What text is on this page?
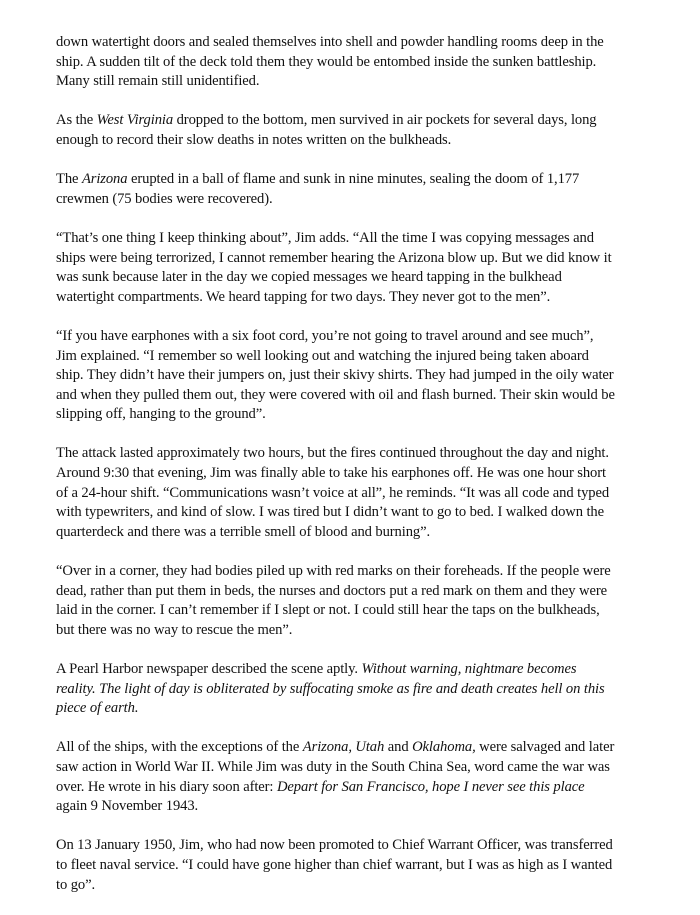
down watertight doors and sealed themselves into shell and powder handling rooms deep in the
ship. A sudden tilt of the deck told them they would be entombed inside the sunken battleship.
Many still remain still unidentified.

As the West Virginia dropped to the bottom, men survived in air pockets for several days, long
enough to record their slow deaths in notes written on the bulkheads.

The Arizona erupted in a ball of flame and sunk in nine minutes, sealing the doom of 1,177
crewmen (75 bodies were recovered).

“That’s one thing I keep thinking about”, Jim adds. “All the time I was copying messages and
ships were being terrorized, I cannot remember hearing the Arizona blow up. But we did know it
was sunk because later in the day we copied messages we heard tapping in the bulkhead
watertight compartments. We heard tapping for two days. They never got to the men”.

“If you have earphones with a six foot cord, you’re not going to travel around and see much”,
Jim explained. “I remember so well looking out and watching the injured being taken aboard
ship. They didn’t have their jumpers on, just their skivy shirts. They had jumped in the oily water
and when they pulled them out, they were covered with oil and flash burned. Their skin would be
slipping off, hanging to the ground”.

The attack lasted approximately two hours, but the fires continued throughout the day and night.
Around 9:30 that evening, Jim was finally able to take his earphones off. He was one hour short
of a 24-hour shift. “Communications wasn’t voice at all”, he reminds. “It was all code and typed
with typewriters, and kind of slow. I was tired but I didn’t want to go to bed. I walked down the
quarterdeck and there was a terrible smell of blood and burning”.

“Over in a corner, they had bodies piled up with red marks on their foreheads. If the people were
dead, rather than put them in beds, the nurses and doctors put a red mark on them and they were
laid in the corner. I can’t remember if I slept or not. I could still hear the taps on the bulkheads,
but there was no way to rescue the men”.

A Pearl Harbor newspaper described the scene aptly. Without warning, nightmare becomes
reality. The light of day is obliterated by suffocating smoke as fire and death creates hell on this
piece of earth.

All of the ships, with the exceptions of the Arizona, Utah and Oklahoma, were salvaged and later
saw action in World War II. While Jim was duty in the South China Sea, word came the war was
over. He wrote in his diary soon after: Depart for San Francisco, hope I never see this place
again 9 November 1943.

On 13 January 1950, Jim, who had now been promoted to Chief Warrant Officer, was transferred
to fleet naval service. “I could have gone higher than chief warrant, but I was as high as I wanted
to go”.
